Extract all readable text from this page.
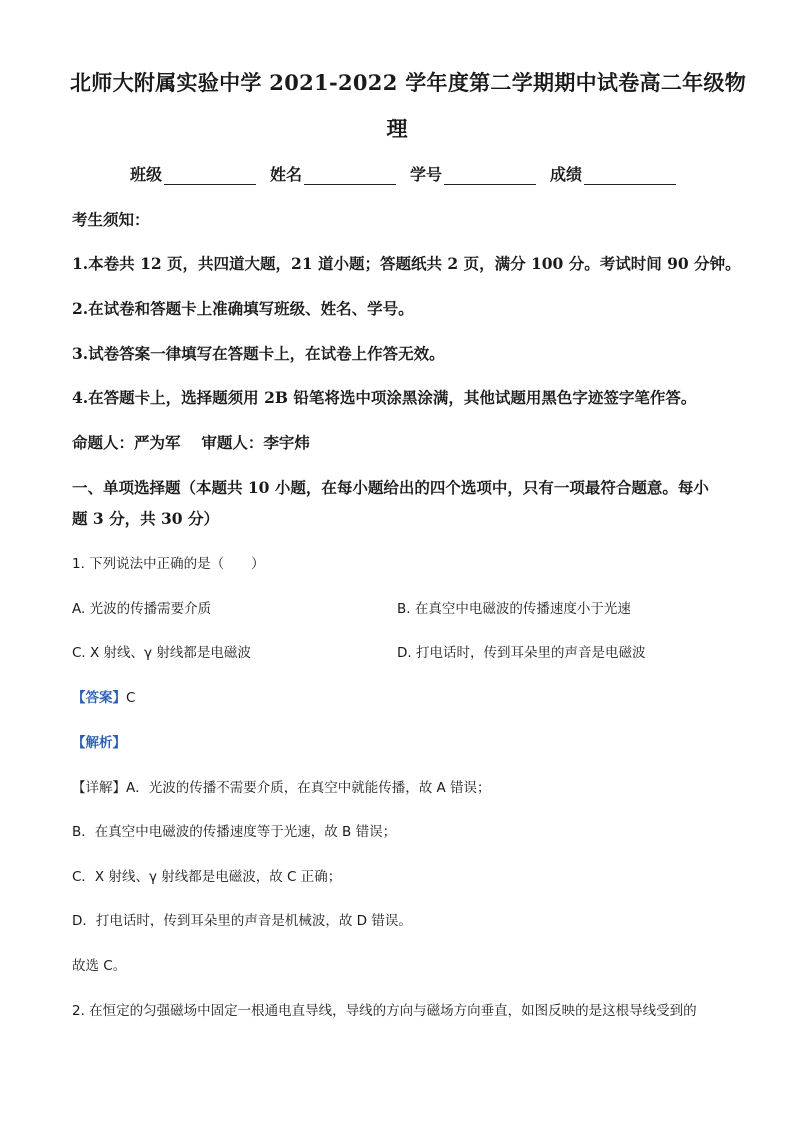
北师大附属实验中学 2021-2022 学年度第二学期期中试卷高二年级物
理
班级	姓名	学号	成绩
考生须知：
1.本卷共 12 页，共四道大题，21 道小题；答题纸共 2 页，满分 100 分。考试时间 90 分钟。
2.在试卷和答题卡上准确填写班级、姓名、学号。
3.试卷答案一律填写在答题卡上，在试卷上作答无效。
4.在答题卡上，选择题须用 2B 铅笔将选中项涂黑涂满，其他试题用黑色字迹签字笔作答。
命题人：严为军　 审题人：李宇炜
一、单项选择题（本题共 10 小题，在每小题给出的四个选项中，只有一项最符合题意。每小
题 3 分，共 30 分）
1. 下列说法中正确的是（　　）
A. 光波的传播需要介质	B. 在真空中电磁波的传播速度小于光速
C. X 射线、γ 射线都是电磁波	D. 打电话时，传到耳朵里的声音是电磁波
【答案】C
【解析】
【详解】A．光波的传播不需要介质，在真空中就能传播，故 A 错误；
B．在真空中电磁波的传播速度等于光速，故 B 错误；
C．X 射线、γ 射线都是电磁波，故 C 正确；
D．打电话时，传到耳朵里的声音是机械波，故 D 错误。
故选 C。
2. 在恒定的匀强磁场中固定一根通电直导线，导线的方向与磁场方向垂直，如图反映的是这根导线受到的
